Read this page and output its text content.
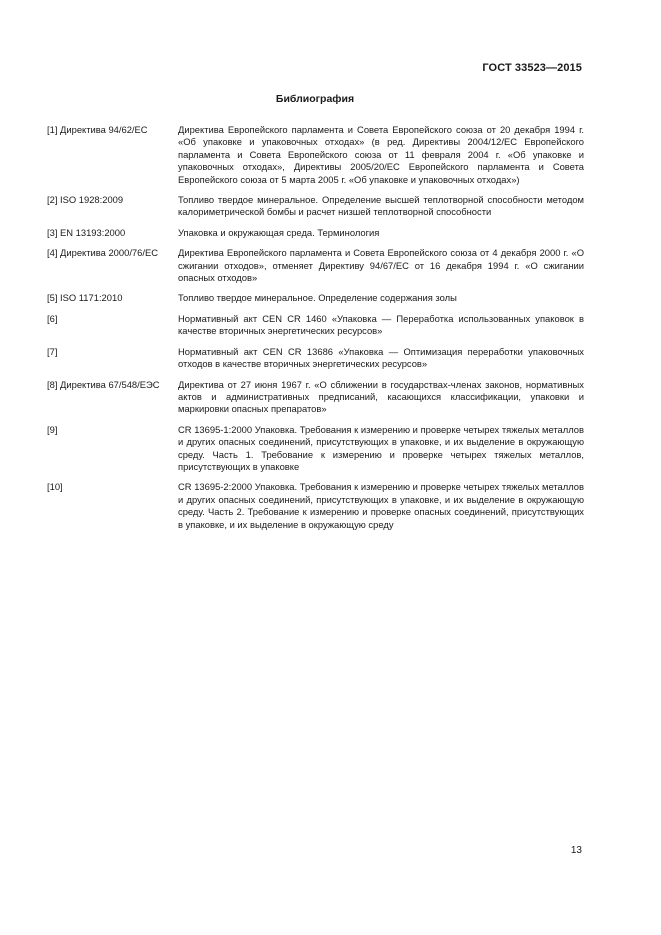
ГОСТ 33523—2015
Библиография
[1] Директива 94/62/ЕС	Директива Европейского парламента и Совета Европейского союза от 20 декабря 1994 г. «Об упаковке и упаковочных отходах» (в ред. Директивы 2004/12/ЕС Европейского парламента и Совета Европейского союза от 11 февраля 2004 г. «Об упаковке и упаковочных отходах», Директивы 2005/20/ЕС Европейского парламента и Совета Европейского союза от 5 марта 2005 г. «Об упаковке и упаковочных отходах»)
[2] ISO 1928:2009	Топливо твердое минеральное. Определение высшей теплотворной способности методом калориметрической бомбы и расчет низшей теплотворной способности
[3] EN 13193:2000	Упаковка и окружающая среда. Терминология
[4] Директива 2000/76/ЕС	Директива Европейского парламента и Совета Европейского союза от 4 декабря 2000 г. «О сжигании отходов», отменяет Директиву 94/67/ЕС от 16 декабря 1994 г. «О сжигании опасных отходов»
[5] ISO 1171:2010	Топливо твердое минеральное. Определение содержания золы
[6]	Нормативный акт CEN CR 1460 «Упаковка — Переработка использованных упаковок в качестве вторичных энергетических ресурсов»
[7]	Нормативный акт CEN CR 13686 «Упаковка — Оптимизация переработки упаковочных отходов в качестве вторичных энергетических ресурсов»
[8] Директива 67/548/ЕЭС	Директива от 27 июня 1967 г. «О сближении в государствах-членах законов, нормативных актов и административных предписаний, касающихся классификации, упаковки и маркировки опасных препаратов»
[9]	CR 13695-1:2000 Упаковка. Требования к измерению и проверке четырех тяжелых металлов и других опасных соединений, присутствующих в упаковке, и их выделение в окружающую среду. Часть 1. Требование к измерению и проверке четырех тяжелых металлов, присутствующих в упаковке
[10]	CR 13695-2:2000 Упаковка. Требования к измерению и проверке четырех тяжелых металлов и других опасных соединений, присутствующих в упаковке, и их выделение в окружающую среду. Часть 2. Требование к измерению и проверке опасных соединений, присутствующих в упаковке, и их выделение в окружающую среду
13
